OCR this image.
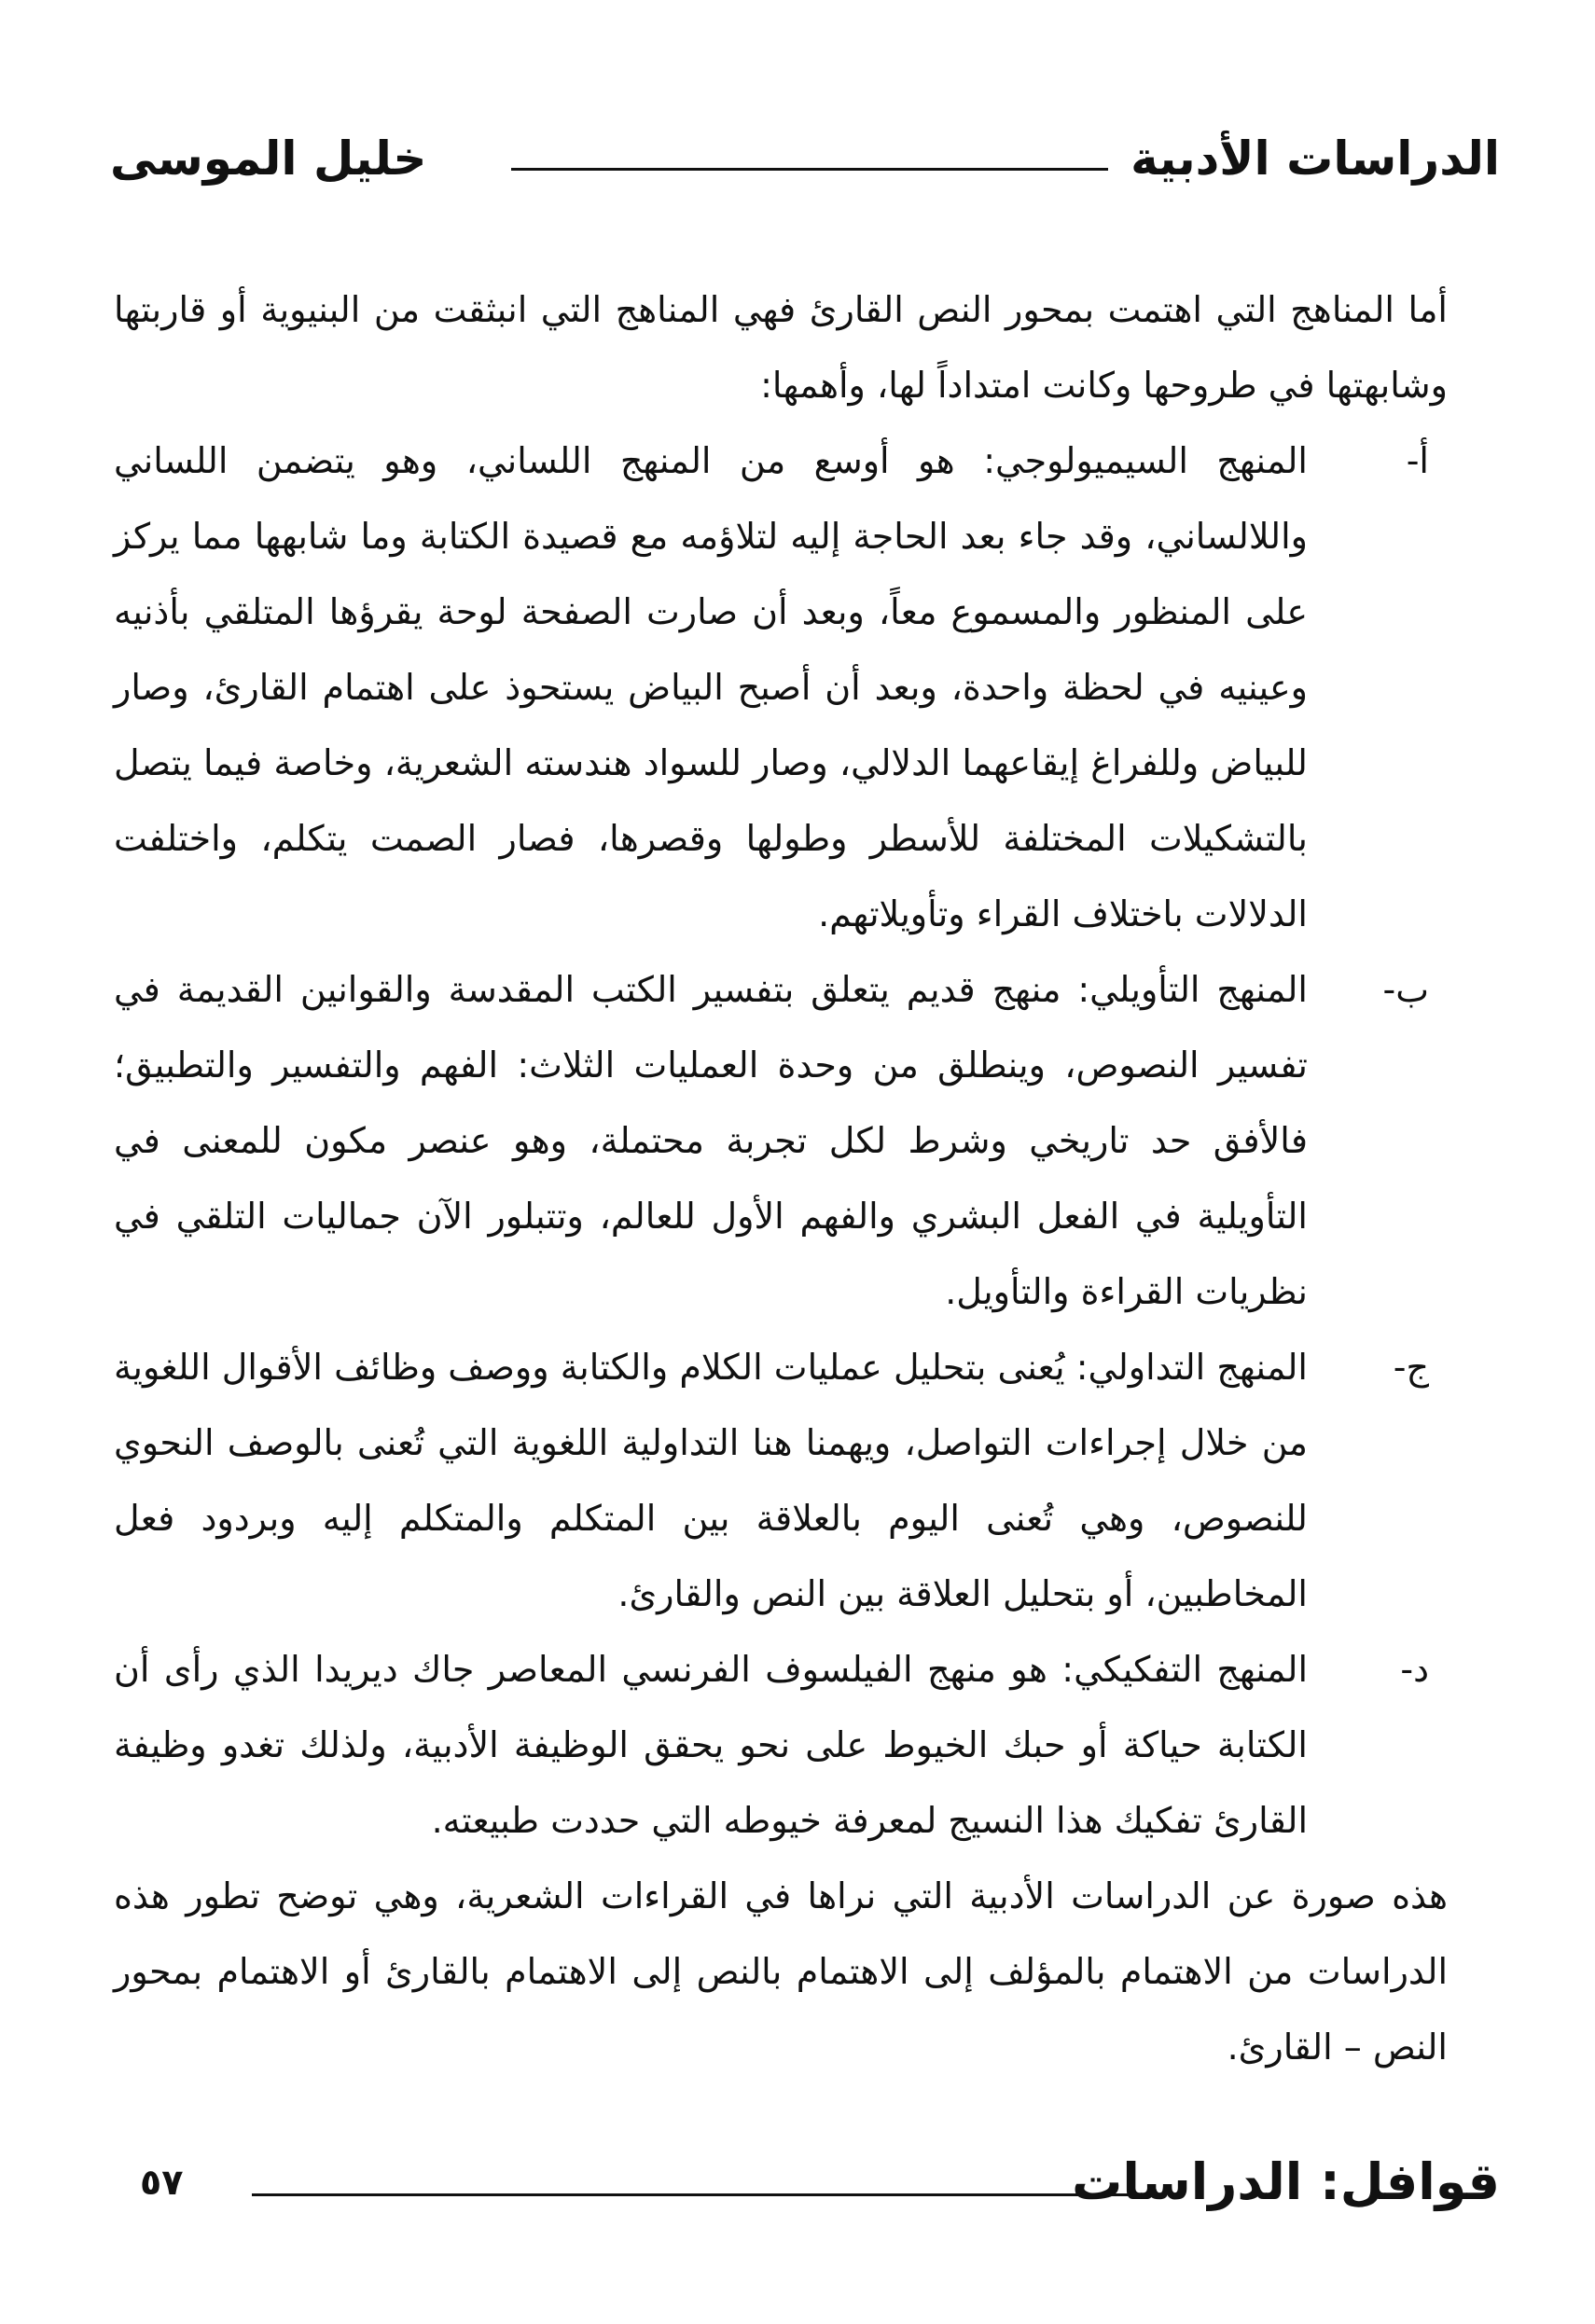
الدراسات الأدبية
خليل الموسى

أما المناهج التي اهتمت بمحور النص القارئ فهي المناهج التي انبثقت من البنيوية أو قاربتها وشابهتها في طروحها وكانت امتداداً لها، وأهمها:

أ-

المنهج السيميولوجي: هو أوسع من المنهج اللساني، وهو يتضمن اللساني واللالساني، وقد جاء بعد الحاجة إليه لتلاؤمه مع قصيدة الكتابة وما شابهها مما يركز على المنظور والمسموع معاً، وبعد أن صارت الصفحة لوحة يقرؤها المتلقي بأذنيه وعينيه في لحظة واحدة، وبعد أن أصبح البياض يستحوذ على اهتمام القارئ، وصار للبياض وللفراغ إيقاعهما الدلالي، وصار للسواد هندسته الشعرية، وخاصة فيما يتصل بالتشكيلات المختلفة للأسطر وطولها وقصرها، فصار الصمت يتكلم، واختلفت الدلالات باختلاف القراء وتأويلاتهم.

ب-

المنهج التأويلي: منهج قديم يتعلق بتفسير الكتب المقدسة والقوانين القديمة في تفسير النصوص، وينطلق من وحدة العمليات الثلاث: الفهم والتفسير والتطبيق؛ فالأفق حد تاريخي وشرط لكل تجربة محتملة، وهو عنصر مكون للمعنى في التأويلية في الفعل البشري والفهم الأول للعالم، وتتبلور الآن جماليات التلقي في نظريات القراءة والتأويل.

ج-

المنهج التداولي: يُعنى بتحليل عمليات الكلام والكتابة ووصف وظائف الأقوال اللغوية من خلال إجراءات التواصل، ويهمنا هنا التداولية اللغوية التي تُعنى بالوصف النحوي للنصوص، وهي تُعنى اليوم بالعلاقة بين المتكلم والمتكلم إليه وبردود فعل المخاطبين، أو بتحليل العلاقة بين النص والقارئ.

د-

المنهج التفكيكي: هو منهج الفيلسوف الفرنسي المعاصر جاك ديريدا الذي رأى أن الكتابة حياكة أو حبك الخيوط على نحو يحقق الوظيفة الأدبية، ولذلك تغدو وظيفة القارئ تفكيك هذا النسيج لمعرفة خيوطه التي حددت طبيعته.

هذه صورة عن الدراسات الأدبية التي نراها في القراءات الشعرية، وهي توضح تطور هذه الدراسات من الاهتمام بالمؤلف إلى الاهتمام بالنص إلى الاهتمام بالقارئ أو الاهتمام بمحور النص – القارئ.

قوافل: الدراسات
٥٧
